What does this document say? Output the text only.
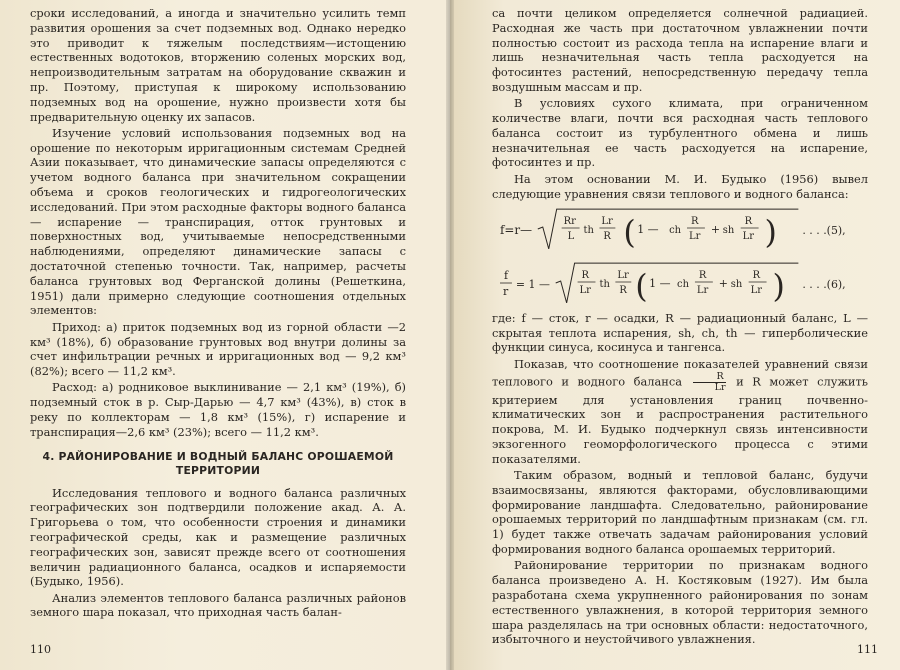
сроки исследований, а иногда и значительно усилить темп развития орошения за счет подземных вод. Однако нередко это приводит к тяжелым последствиям—истощению естественных водотоков, вторжению соленых морских вод, непроизводительным затратам на оборудование скважин и пр. Поэтому, приступая к широкому использованию подземных вод на орошение, нужно произвести хотя бы предварительную оценку их запасов.

Изучение условий использования подземных вод на орошение по некоторым ирригационным системам Средней Азии показывает, что динамические запасы определяются с учетом водного баланса при значительном сокращении объема и сроков геологических и гидрогеологических исследований. При этом расходные факторы водного баланса — испарение — транспирация, отток грунтовых и поверхностных вод, учитываемые непосредственными наблюдениями, определяют динамические запасы с достаточной степенью точности. Так, например, расчеты баланса грунтовых вод Ферганской долины (Решеткина, 1951) дали примерно следующие соотношения отдельных элементов:

Приход: а) приток подземных вод из горной области —2 км³ (18%), б) образование грунтовых вод внутри долины за счет инфильтрации речных и ирригационных вод — 9,2 км³ (82%); всего — 11,2 км³.

Расход: а) родниковое выклинивание — 2,1 км³ (19%), б) подземный сток в р. Сыр-Дарью — 4,7 км³ (43%), в) сток в реку по коллекторам — 1,8 км³ (15%), г) испарение и транспирация—2,6 км³ (23%); всего — 11,2 км³.

4. РАЙОНИРОВАНИЕ И ВОДНЫЙ БАЛАНС ОРОШАЕМОЙ ТЕРРИТОРИИ

Исследования теплового и водного баланса различных географических зон подтвердили положение акад. А. А. Григорьева о том, что особенности строения и динамики географической среды, как и размещение различных географических зон, зависят прежде всего от соотношения величин радиационного баланса, осадков и испаряемости (Будыко, 1956).

Анализ элементов теплового баланса различных районов земного шара показал, что приходная часть балан-

110

са почти целиком определяется солнечной радиацией. Расходная же часть при достаточном увлажнении почти полностью состоит из расхода тепла на испарение влаги и лишь незначительная часть тепла расходуется на фотосинтез растений, непосредственную передачу тепла воздушным массам и пр.

В условиях сухого климата, при ограниченном количестве влаги, почти вся расходная часть теплового баланса состоит из турбулентного обмена и лишь незначительная ее часть расходуется на испарение, фотосинтез и пр.

На этом основании М. И. Будыко (1956) вывел следующие уравнения связи теплового и водного баланса:

f=r—
Rr
L
th
Lr
R ( 1 — ch
R
Lr
+ sh
R
Lr ) . . . .(5),
f
r
= 1 —
R
Lr
th
Lr
R ( 1 — ch
R
Lr
+ sh
R
Lr ) . . . .(6),

где: f — сток, r — осадки, R — радиационный баланс, L — скрытая теплота испарения, sh, ch, th — гиперболические функции синуса, косинуса и тангенса.

Показав, что соотношение показателей уравнений связи теплового и водного баланса $\frac{R}{Lr}$ и R может служить критерием для установления границ почвенно-климатических зон и распространения растительного покрова, М. И. Будыко подчеркнул связь интенсивности экзогенного геоморфологического процесса с этими показателями.

Таким образом, водный и тепловой баланс, будучи взаимосвязаны, являются факторами, обусловливающими формирование ландшафта. Следовательно, районирование орошаемых территорий по ландшафтным признакам (см. гл. 1) будет также отвечать задачам районирования условий формирования водного баланса орошаемых территорий.

Районирование территории по признакам водного баланса произведено А. Н. Костяковым (1927). Им была разработана схема укрупненного районирования по зонам естественного увлажнения, в которой территория земного шара разделялась на три основных области: недостаточного, избыточного и неустойчивого увлажнения.

111
